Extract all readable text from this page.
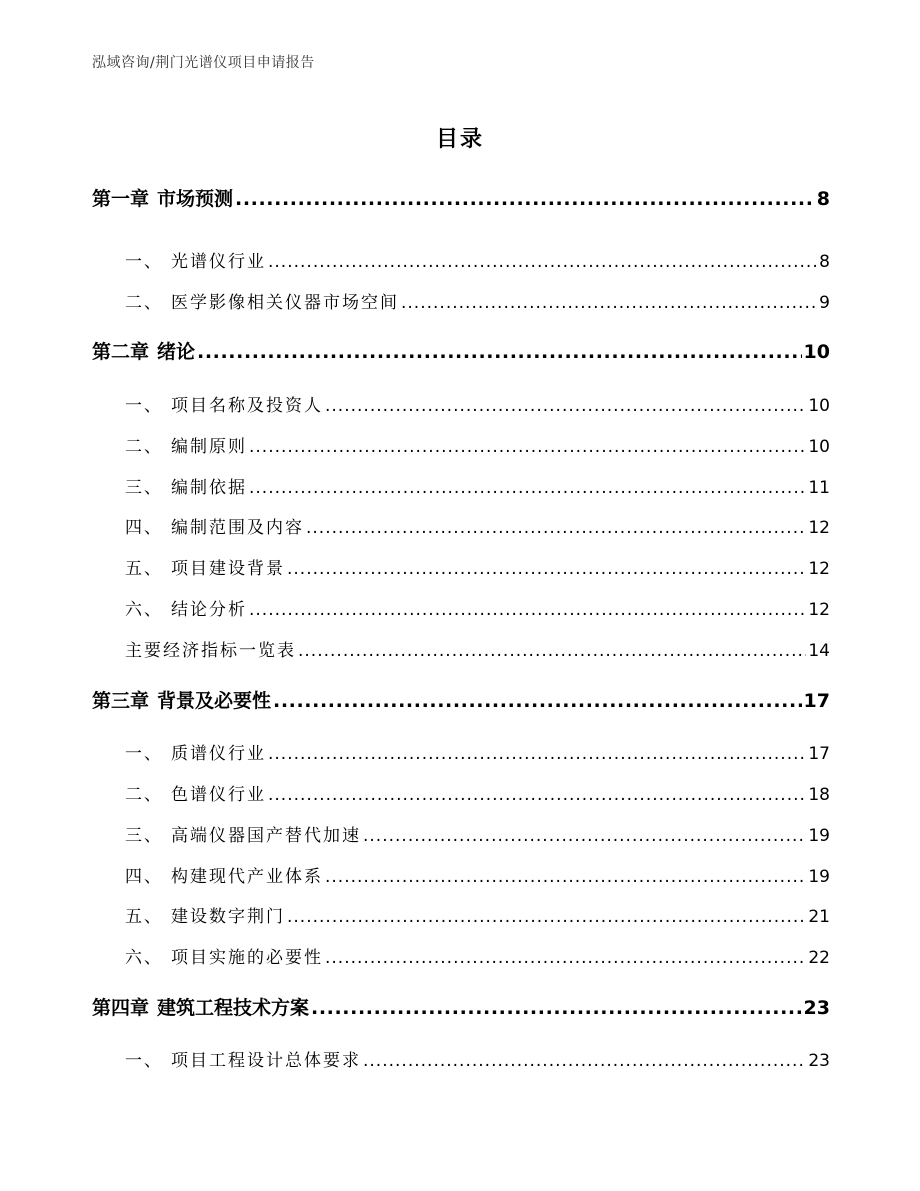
泓域咨询/荆门光谱仪项目申请报告
目录
第一章 市场预测 .....	8
一、 光谱仪行业 .....	8
二、 医学影像相关仪器市场空间 .....	9
第二章 绪论 .....	10
一、 项目名称及投资人 .....	10
二、 编制原则 .....	10
三、 编制依据 .....	11
四、 编制范围及内容 .....	12
五、 项目建设背景 .....	12
六、 结论分析 .....	12
主要经济指标一览表 .....	14
第三章 背景及必要性 .....	17
一、 质谱仪行业 .....	17
二、 色谱仪行业 .....	18
三、 高端仪器国产替代加速 .....	19
四、 构建现代产业体系 .....	19
五、 建设数字荆门 .....	21
六、 项目实施的必要性 .....	22
第四章 建筑工程技术方案 .....	23
一、 项目工程设计总体要求 .....	23
